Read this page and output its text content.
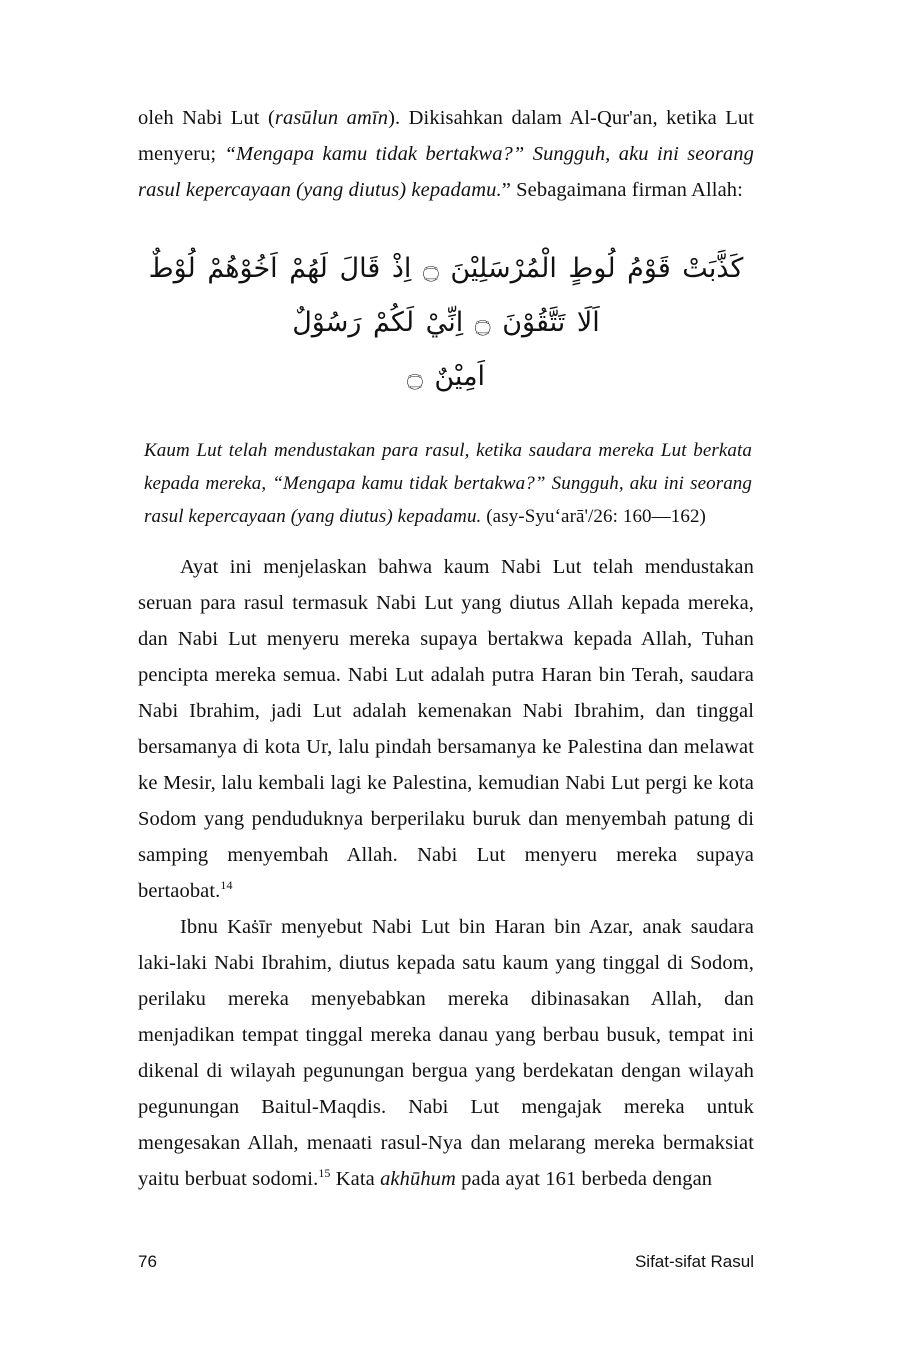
oleh Nabi Lut (rasūlun amīn). Dikisahkan dalam Al-Qur'an, ketika Lut menyeru; “Mengapa kamu tidak bertakwa?” Sungguh, aku ini seorang rasul kepercayaan (yang diutus) kepadamu.” Sebagaimana firman Allah:

كَذَّبَتْ قَوْمُ لُوطٍ الْمُرْسَلِيْنَ ۝ اِذْ قَالَ لَهُمْ اَخُوْهُمْ لُوْطٌ اَلَا تَتَّقُوْنَ ۝ اِنِّيْ لَكُمْ رَسُوْلٌ
اَمِيْنٌ ۝

Kaum Lut telah mendustakan para rasul, ketika saudara mereka Lut berkata kepada mereka, “Mengapa kamu tidak bertakwa?” Sungguh, aku ini seorang rasul kepercayaan (yang diutus) kepadamu. (asy-Syu‘arā'/26: 160—162)

Ayat ini menjelaskan bahwa kaum Nabi Lut telah mendustakan seruan para rasul termasuk Nabi Lut yang diutus Allah kepada mereka, dan Nabi Lut menyeru mereka supaya bertakwa kepada Allah, Tuhan pencipta mereka semua. Nabi Lut adalah putra Haran bin Terah, saudara Nabi Ibrahim, jadi Lut adalah kemenakan Nabi Ibrahim, dan tinggal bersamanya di kota Ur, lalu pindah bersamanya ke Palestina dan melawat ke Mesir, lalu kembali lagi ke Palestina, kemudian Nabi Lut pergi ke kota Sodom yang penduduknya berperilaku buruk dan menyembah patung di samping menyembah Allah. Nabi Lut menyeru mereka supaya bertaobat.$^{14}$

Ibnu Kaṡīr menyebut Nabi Lut bin Haran bin Azar, anak saudara laki-laki Nabi Ibrahim, diutus kepada satu kaum yang tinggal di Sodom, perilaku mereka menyebabkan mereka dibinasakan Allah, dan menjadikan tempat tinggal mereka danau yang berbau busuk, tempat ini dikenal di wilayah pegunungan bergua yang berdekatan dengan wilayah pegunungan Baitul-Maqdis. Nabi Lut mengajak mereka untuk mengesakan Allah, menaati rasul-Nya dan melarang mereka bermaksiat yaitu berbuat sodomi.$^{15}$ Kata akhūhum pada ayat 161 berbeda dengan

76	Sifat-sifat Rasul
